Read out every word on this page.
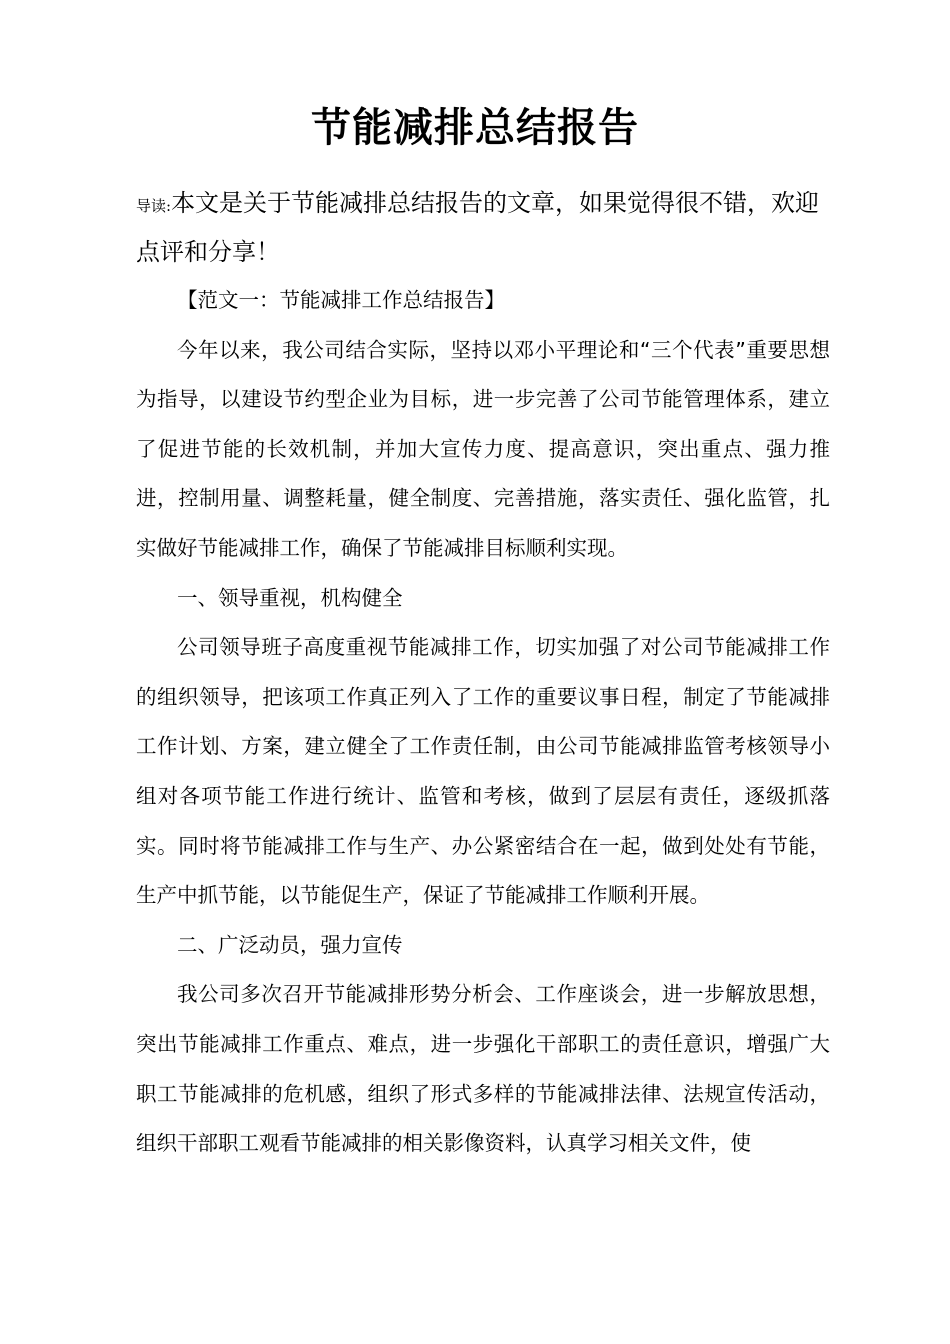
节能减排总结报告

导读:本文是关于节能减排总结报告的文章，如果觉得很不错，欢迎点评和分享！

【范文一：节能减排工作总结报告】

今年以来，我公司结合实际，坚持以邓小平理论和“三个代表”重要思想为指导，以建设节约型企业为目标，进一步完善了公司节能管理体系，建立了促进节能的长效机制，并加大宣传力度、提高意识，突出重点、强力推进，控制用量、调整耗量，健全制度、完善措施，落实责任、强化监管，扎实做好节能减排工作，确保了节能减排目标顺利实现。

一、领导重视，机构健全

公司领导班子高度重视节能减排工作，切实加强了对公司节能减排工作的组织领导，把该项工作真正列入了工作的重要议事日程，制定了节能减排工作计划、方案，建立健全了工作责任制，由公司节能减排监管考核领导小组对各项节能工作进行统计、监管和考核，做到了层层有责任，逐级抓落实。同时将节能减排工作与生产、办公紧密结合在一起，做到处处有节能，生产中抓节能，以节能促生产，保证了节能减排工作顺利开展。

二、广泛动员，强力宣传

我公司多次召开节能减排形势分析会、工作座谈会，进一步解放思想，突出节能减排工作重点、难点，进一步强化干部职工的责任意识，增强广大职工节能减排的危机感，组织了形式多样的节能减排法律、法规宣传活动，组织干部职工观看节能减排的相关影像资料，认真学习相关文件，使
